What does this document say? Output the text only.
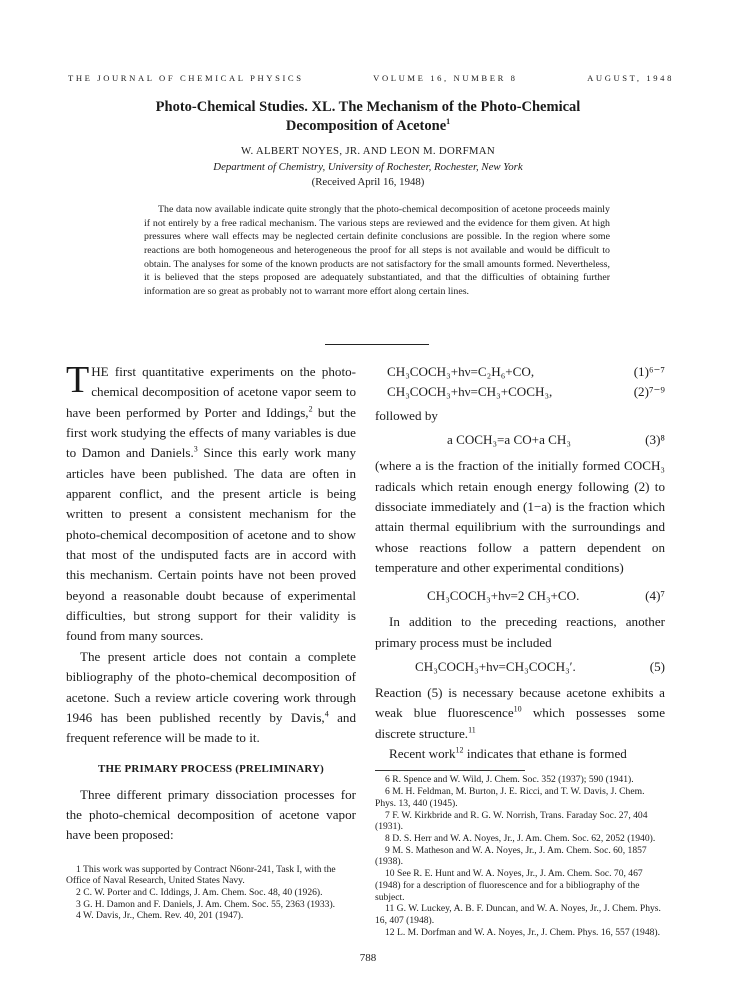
THE JOURNAL OF CHEMICAL PHYSICS	VOLUME 16, NUMBER 8	AUGUST, 1948
Photo-Chemical Studies. XL. The Mechanism of the Photo-Chemical
Decomposition of Acetone$^1$
W. ALBERT NOYES, JR. AND LEON M. DORFMAN
Department of Chemistry, University of Rochester, Rochester, New York
(Received April 16, 1948)
The data now available indicate quite strongly that the photo-chemical decomposition of acetone proceeds mainly if not entirely by a free radical mechanism. The various steps are reviewed and the evidence for them given. At high pressures where wall effects may be neglected certain definite conclusions are possible. In the region where some reactions are both homogeneous and heterogeneous the proof for all steps is not available and would be difficult to obtain. The analyses for some of the known products are not satisfactory for the small amounts formed. Nevertheless, it is believed that the steps proposed are adequately substantiated, and that the difficulties of obtaining further information are so great as probably not to warrant more effort along certain lines.

THE first quantitative experiments on the photo-chemical decomposition of acetone vapor seem to have been performed by Porter and Iddings,$^2$ but the first work studying the effects of many variables is due to Damon and Daniels.$^3$ Since this early work many articles have been published. The data are often in apparent conflict, and the present article is being written to present a consistent mechanism for the photo-chemical decomposition of acetone and to show that most of the undisputed facts are in accord with this mechanism. Certain points have not been proved beyond a reasonable doubt because of experimental difficulties, but strong support for their validity is found from many sources.

The present article does not contain a complete bibliography of the photo-chemical decomposition of acetone. Such a review article covering work through 1946 has been published recently by Davis,$^4$ and frequent reference will be made to it.

THE PRIMARY PROCESS (PRELIMINARY)

Three different primary dissociation processes for the photo-chemical decomposition of acetone vapor have been proposed:

1 This work was supported by Contract N6onr-241, Task I, with the Office of Naval Research, United States Navy.

2 C. W. Porter and C. Iddings, J. Am. Chem. Soc. 48, 40 (1926).

3 G. H. Damon and F. Daniels, J. Am. Chem. Soc. 55, 2363 (1933).

4 W. Davis, Jr., Chem. Rev. 40, 201 (1947).

CH₃COCH₃+hν=C₂H₆+CO,	(1)⁶⁻⁷
CH₃COCH₃+hν=CH₃+COCH₃,	(2)⁷⁻⁹

followed by

a COCH₃=a CO+a CH₃	(3)⁸

(where a is the fraction of the initially formed COCH₃ radicals which retain enough energy following (2) to dissociate immediately and (1−a) is the fraction which attain thermal equilibrium with the surroundings and whose reactions follow a pattern dependent on temperature and other experimental conditions)

CH₃COCH₃+hν=2 CH₃+CO.	(4)⁷

In addition to the preceding reactions, another primary process must be included

CH₃COCH₃+hν=CH₃COCH₃′.	(5)

Reaction (5) is necessary because acetone exhibits a weak blue fluorescence$^{10}$ which possesses some discrete structure.$^{11}$

Recent work$^{12}$ indicates that ethane is formed

6 R. Spence and W. Wild, J. Chem. Soc. 352 (1937); 590 (1941).

6 M. H. Feldman, M. Burton, J. E. Ricci, and T. W. Davis, J. Chem. Phys. 13, 440 (1945).

7 F. W. Kirkbride and R. G. W. Norrish, Trans. Faraday Soc. 27, 404 (1931).

8 D. S. Herr and W. A. Noyes, Jr., J. Am. Chem. Soc. 62, 2052 (1940).

9 M. S. Matheson and W. A. Noyes, Jr., J. Am. Chem. Soc. 60, 1857 (1938).

10 See R. E. Hunt and W. A. Noyes, Jr., J. Am. Chem. Soc. 70, 467 (1948) for a description of fluorescence and for a bibliography of the subject.

11 G. W. Luckey, A. B. F. Duncan, and W. A. Noyes, Jr., J. Chem. Phys. 16, 407 (1948).

12 L. M. Dorfman and W. A. Noyes, Jr., J. Chem. Phys. 16, 557 (1948).

788
